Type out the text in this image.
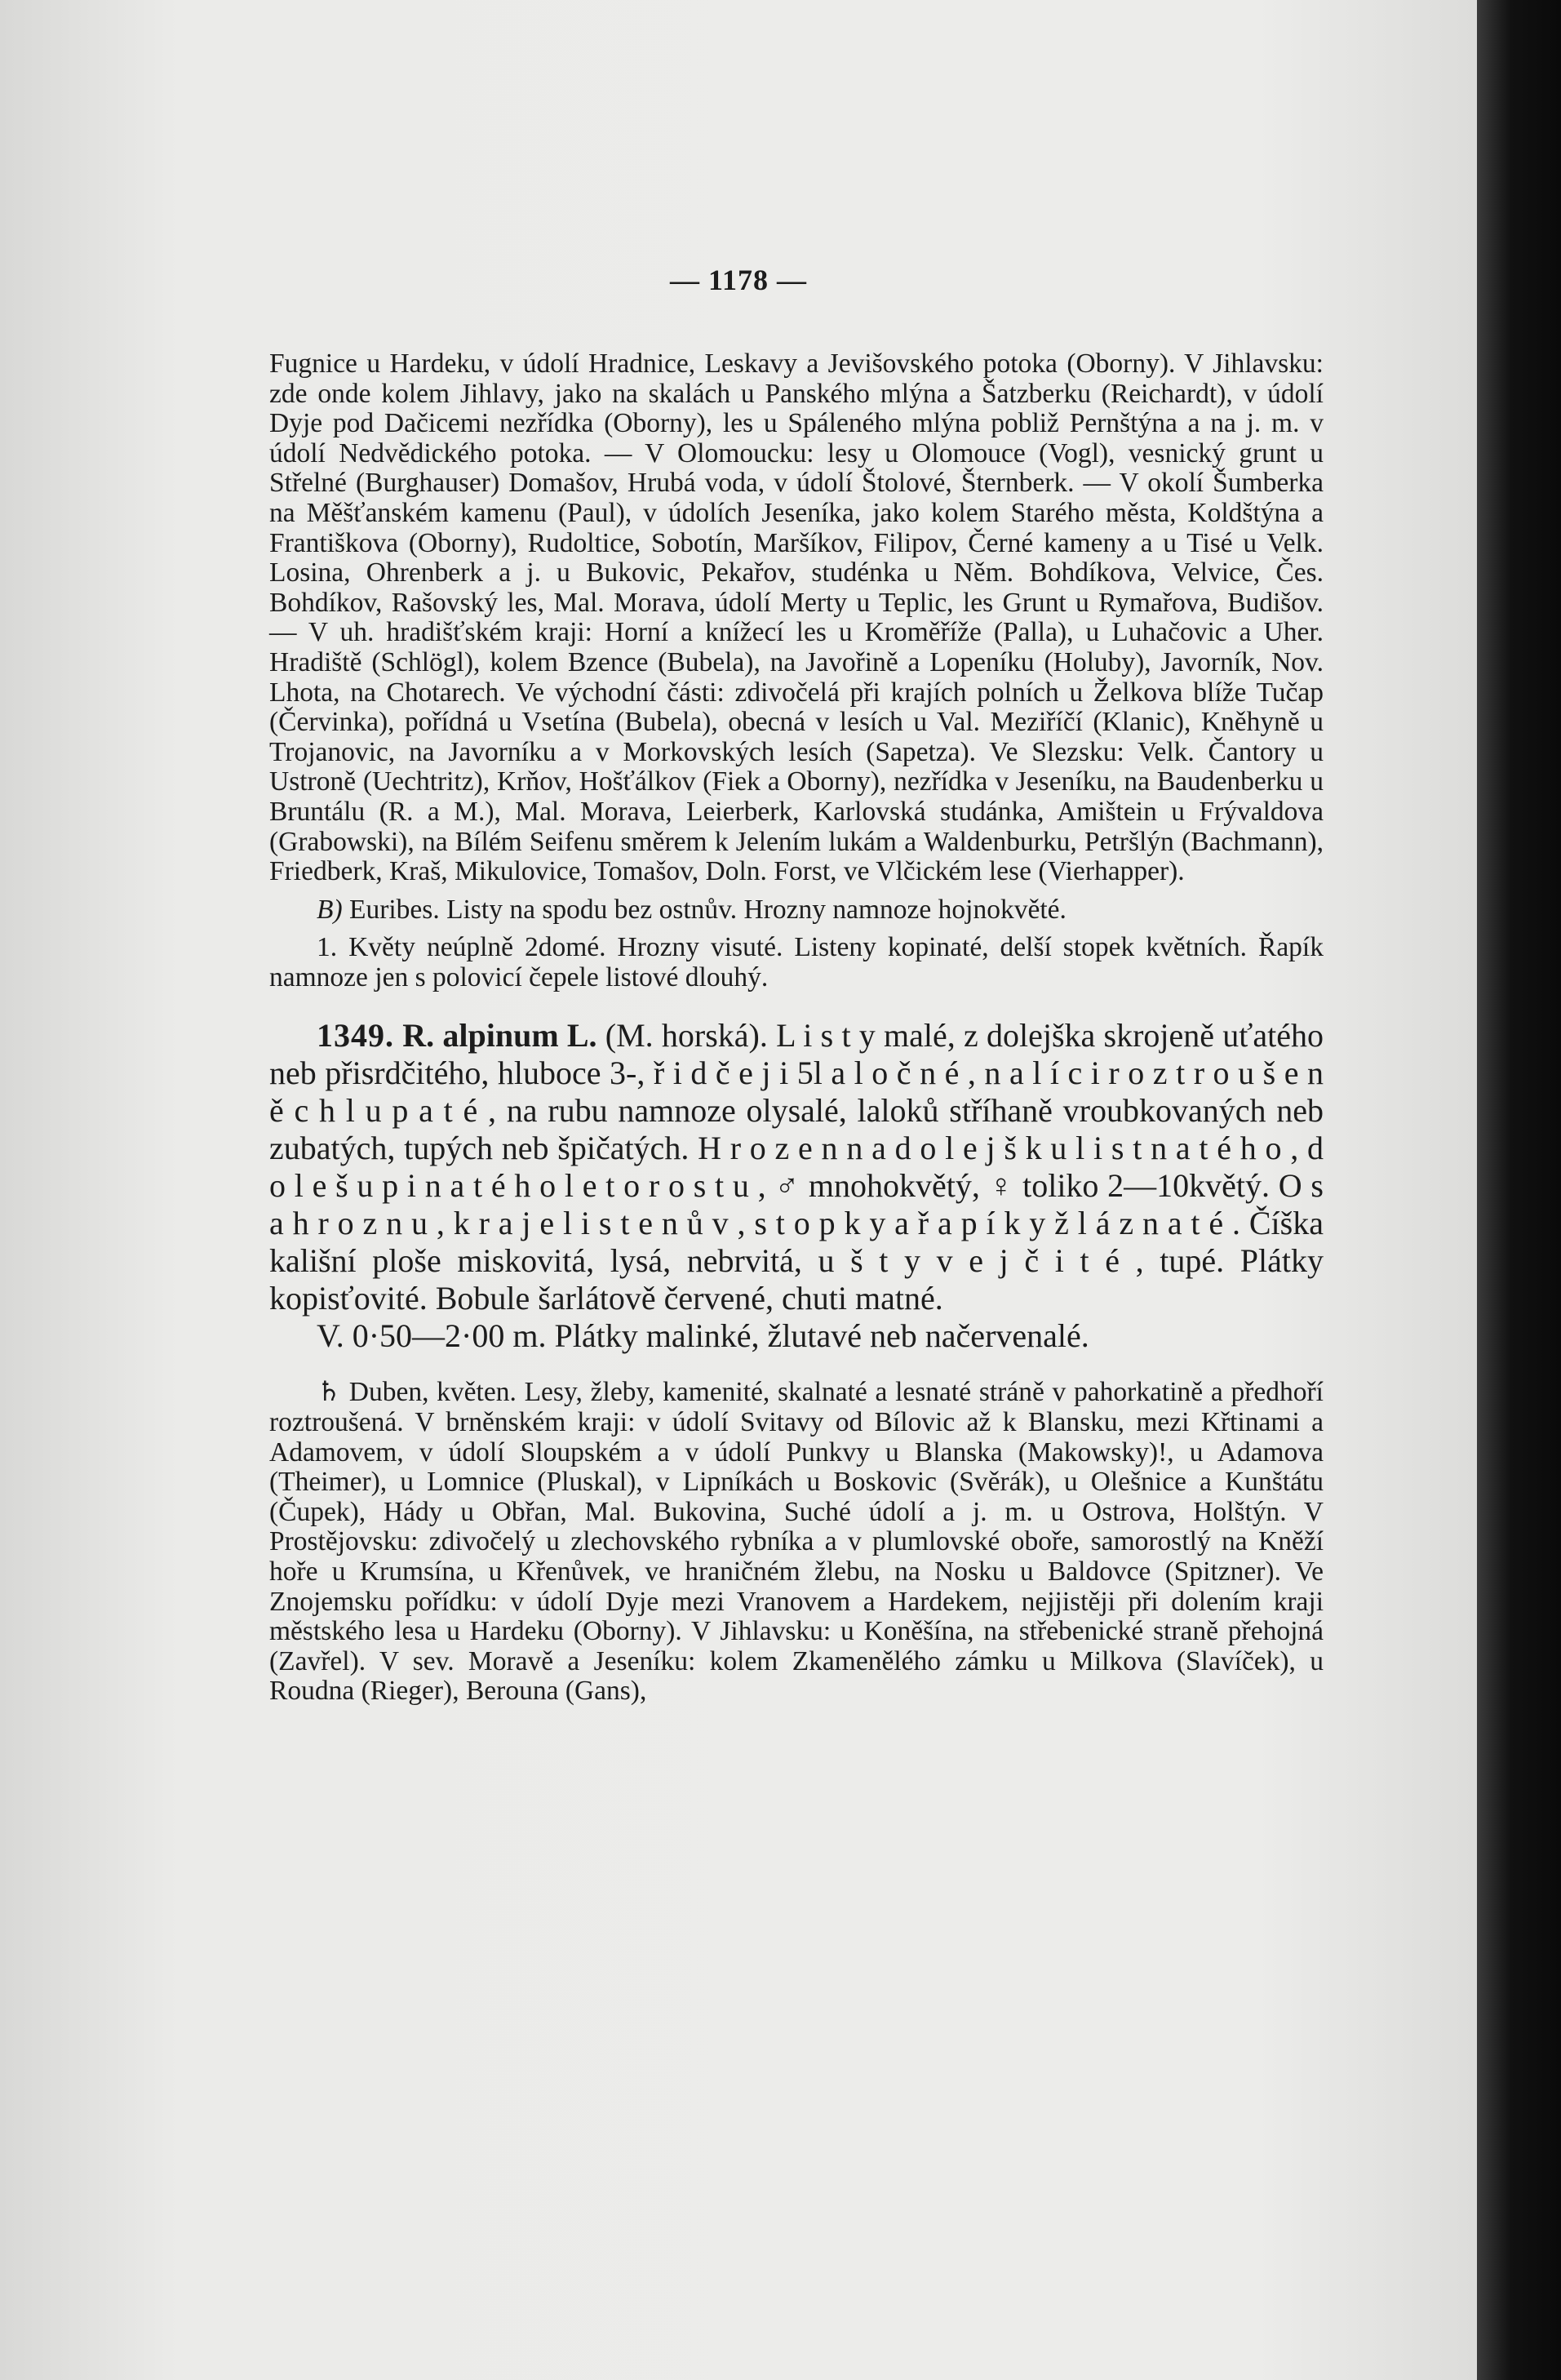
— 1178 —

Fugnice u Hardeku, v údolí Hradnice, Leskavy a Jevišovského potoka (Oborny). V Jihlavsku: zde onde kolem Jihlavy, jako na skalách u Panského mlýna a Šatzberku (Reichardt), v údolí Dyje pod Dačicemi nezřídka (Oborny), les u Spáleného mlýna pobliž Pernštýna a na j. m. v údolí Nedvědického potoka. — V Olomoucku: lesy u Olomouce (Vogl), vesnický grunt u Střelné (Burghauser) Domašov, Hrubá voda, v údolí Štolové, Šternberk. — V okolí Šumberka na Měšťanském kamenu (Paul), v údolích Jeseníka, jako kolem Starého města, Koldštýna a Františkova (Oborny), Rudoltice, Sobotín, Maršíkov, Filipov, Černé kameny a u Tisé u Velk. Losina, Ohrenberk a j. u Bukovic, Pekařov, studénka u Něm. Bohdíkova, Velvice, Čes. Bohdíkov, Rašovský les, Mal. Morava, údolí Merty u Teplic, les Grunt u Rymařova, Budišov. — V uh. hradišťském kraji: Horní a knížecí les u Kroměříže (Palla), u Luhačovic a Uher. Hradiště (Schlögl), kolem Bzence (Bubela), na Javořině a Lopeníku (Holuby), Javorník, Nov. Lhota, na Chotarech. Ve východní části: zdivočelá při krajích polních u Želkova blíže Tučap (Červinka), pořídná u Vsetína (Bubela), obecná v lesích u Val. Meziříčí (Klanic), Kněhyně u Trojanovic, na Javorníku a v Morkovských lesích (Sapetza). Ve Slezsku: Velk. Čantory u Ustroně (Uechtritz), Krňov, Hošťálkov (Fiek a Oborny), nezřídka v Jeseníku, na Baudenberku u Bruntálu (R. a M.), Mal. Morava, Leierberk, Karlovská studánka, Amištein u Frývaldova (Grabowski), na Bílém Seifenu směrem k Jelením lukám a Waldenburku, Petršlýn (Bachmann), Friedberk, Kraš, Mikulovice, Tomašov, Doln. Forst, ve Vlčickém lese (Vierhapper).

B) Euribes. Listy na spodu bez ostnův. Hrozny namnoze hojnokvěté.

1. Květy neúplně 2domé. Hrozny visuté. Listeny kopinaté, delší stopek květních. Řapík namnoze jen s polovicí čepele listové dlouhý.

1349. R. alpinum L. (M. horská). L i s t y malé, z dolejška skrojeně uťatého neb přisrdčitého, hluboce 3-, ř i d č e j i 5l a l o č n é , n a l í c i r o z t r o u š e n ě c h l u p a t é , na rubu namnoze olysalé, laloků stříhaně vroubkovaných neb zubatých, tupých neb špičatých. H r o z e n n a d o l e j š k u l i s t n a t é h o , d o l e š u p i n a t é h o l e t o r o s t u , ♂ mnohokvětý, ♀ toliko 2—10květý. O s a h r o z n u , k r a j e l i s t e n ů v , s t o p k y a ř a p í k y ž l á z n a t é . Číška kališní ploše miskovitá, lysá, nebrvitá, u š t y v e j č i t é , tupé. Plátky kopisťovité. Bobule šarlátově červené, chuti matné.

V. 0·50—2·00 m. Plátky malinké, žlutavé neb načervenalé.

♄ Duben, květen. Lesy, žleby, kamenité, skalnaté a lesnaté stráně v pahorkatině a předhoří roztroušená. V brněnském kraji: v údolí Svitavy od Bílovic až k Blansku, mezi Křtinami a Adamovem, v údolí Sloupském a v údolí Punkvy u Blanska (Makowsky)!, u Adamova (Theimer), u Lomnice (Pluskal), v Lipníkách u Boskovic (Svěrák), u Olešnice a Kunštátu (Čupek), Hády u Obřan, Mal. Bukovina, Suché údolí a j. m. u Ostrova, Holštýn. V Prostějovsku: zdivočelý u zlechovského rybníka a v plumlovské oboře, samorostlý na Kněží hoře u Krumsína, u Křenůvek, ve hraničném žlebu, na Nosku u Baldovce (Spitzner). Ve Znojemsku pořídku: v údolí Dyje mezi Vranovem a Hardekem, nejjistěji při dolením kraji městského lesa u Hardeku (Oborny). V Jihlavsku: u Koněšína, na střebenické straně přehojná (Zavřel). V sev. Moravě a Jeseníku: kolem Zkamenělého zámku u Milkova (Slavíček), u Roudna (Rieger), Berouna (Gans),
